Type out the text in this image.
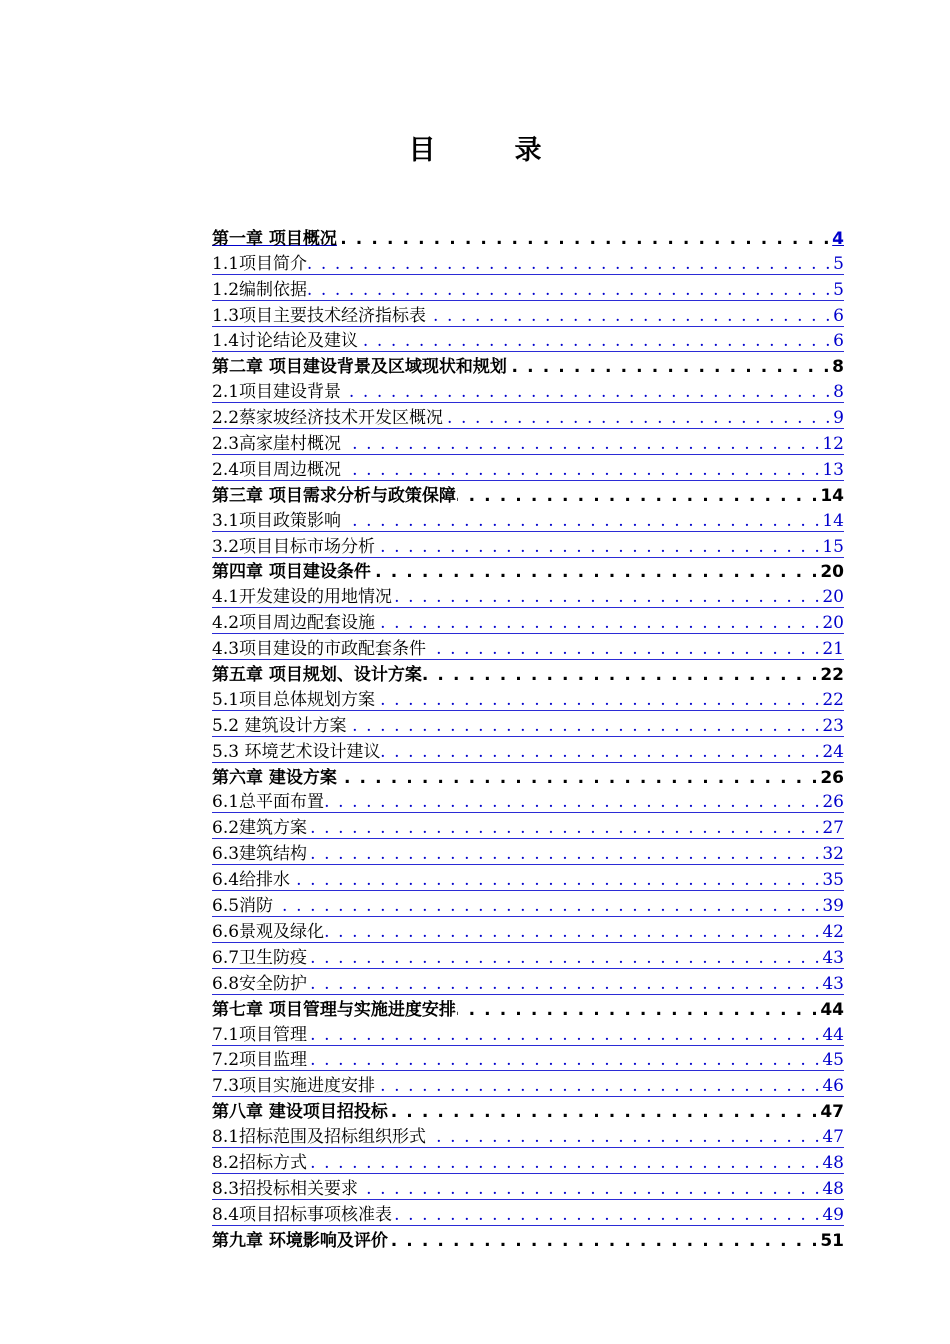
目　录
第一章 项目概况 . . .	4
1.1项目简介 . . .	5
1.2编制依据 . . .	5
1.3项目主要技术经济指标表 . . .	6
1.4讨论结论及建议 . . .	6
第二章 项目建设背景及区域现状和规划 . . .	8
2.1项目建设背景 . . .	8
2.2蔡家坡经济技术开发区概况 . . .	9
2.3高家崖村概况 . . .	12
2.4项目周边概况 . . .	13
第三章 项目需求分析与政策保障 . . .	14
3.1项目政策影响 . . .	14
3.2项目目标市场分析 . . .	15
第四章 项目建设条件 . . .	20
4.1开发建设的用地情况 . . .	20
4.2项目周边配套设施 . . .	20
4.3项目建设的市政配套条件 . . .	21
第五章 项目规划、设计方案 . . .	22
5.1项目总体规划方案 . . .	22
5.2 建筑设计方案 . . .	23
5.3 环境艺术设计建议 . . .	24
第六章 建设方案 . . .	26
6.1总平面布置 . . .	26
6.2建筑方案 . . .	27
6.3建筑结构 . . .	32
6.4给排水 . . .	35
6.5消防 . . .	39
6.6景观及绿化 . . .	42
6.7卫生防疫 . . .	43
6.8安全防护 . . .	43
第七章 项目管理与实施进度安排 . . .	44
7.1项目管理 . . .	44
7.2项目监理 . . .	45
7.3项目实施进度安排 . . .	46
第八章 建设项目招投标 . . .	47
8.1招标范围及招标组织形式 . . .	47
8.2招标方式 . . .	48
8.3招投标相关要求 . . .	48
8.4项目招标事项核准表 . . .	49
第九章 环境影响及评价 . . .	51
